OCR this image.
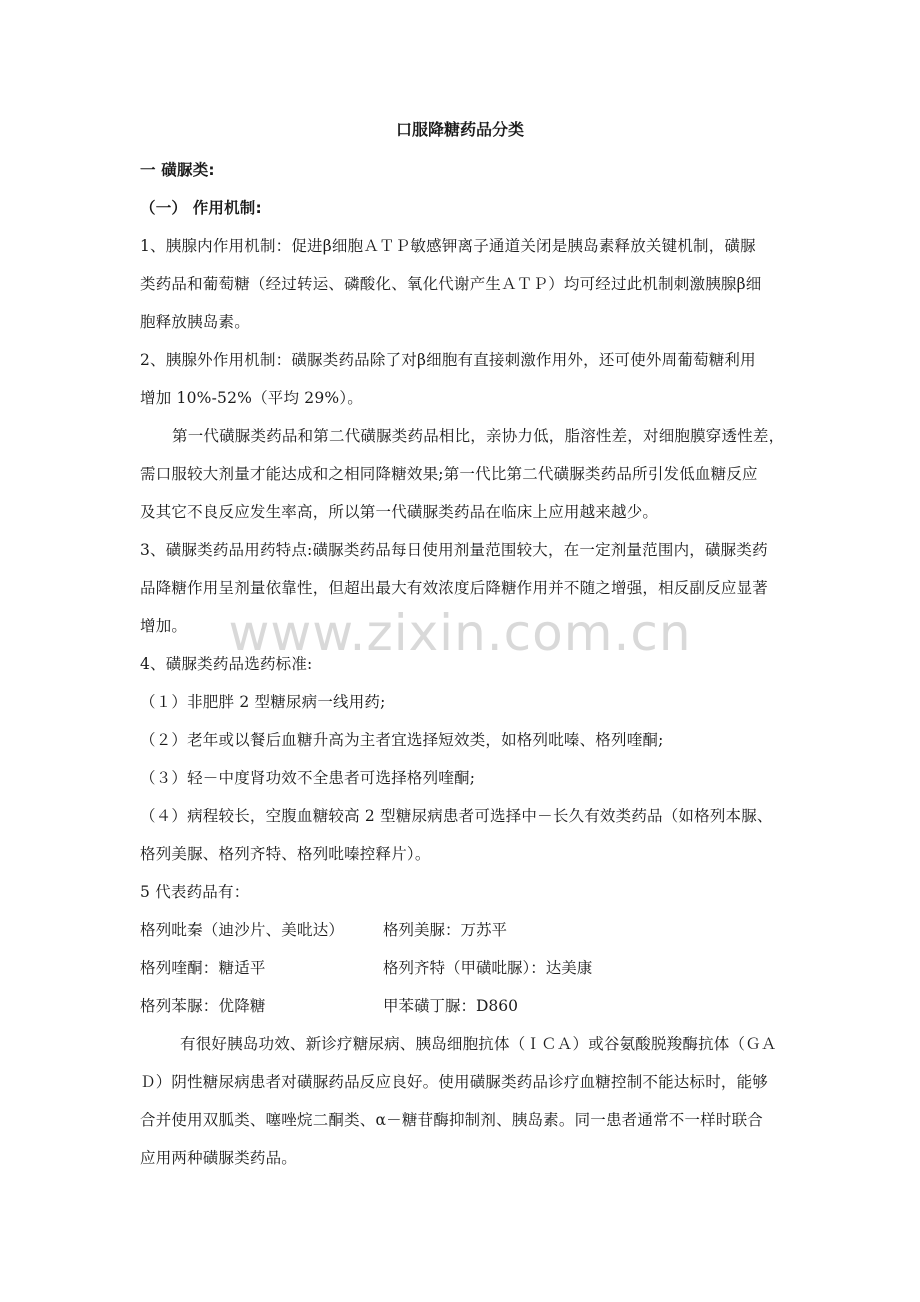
口服降糖药品分类
一 磺脲类:
（一） 作用机制:
1、胰腺内作用机制：促进β细胞ＡＴＰ敏感钾离子通道关闭是胰岛素释放关键机制，磺脲
类药品和葡萄糖（经过转运、磷酸化、氧化代谢产生ＡＴＰ）均可经过此机制刺激胰腺β细
胞释放胰岛素。
2、胰腺外作用机制：磺脲类药品除了对β细胞有直接刺激作用外，还可使外周葡萄糖利用
增加 10%-52%（平均 29%）。
第一代磺脲类药品和第二代磺脲类药品相比，亲协力低，脂溶性差，对细胞膜穿透性差，
需口服较大剂量才能达成和之相同降糖效果;第一代比第二代磺脲类药品所引发低血糖反应
及其它不良反应发生率高，所以第一代磺脲类药品在临床上应用越来越少。
3、磺脲类药品用药特点:磺脲类药品每日使用剂量范围较大，在一定剂量范围内，磺脲类药
品降糖作用呈剂量依靠性，但超出最大有效浓度后降糖作用并不随之增强，相反副反应显著
增加。
4、磺脲类药品选药标准:
（１）非肥胖 2 型糖尿病一线用药;
（２）老年或以餐后血糖升高为主者宜选择短效类，如格列吡嗪、格列喹酮;
（３）轻－中度肾功效不全患者可选择格列喹酮;
（４）病程较长，空腹血糖较高 2 型糖尿病患者可选择中－长久有效类药品（如格列本脲、
格列美脲、格列齐特、格列吡嗪控释片）。
5 代表药品有：
格列吡秦（迪沙片、美吡达）	格列美脲：万苏平
格列喹酮：糖适平	格列齐特（甲磺吡脲）：达美康
格列苯脲：优降糖	甲苯磺丁脲：D860
有很好胰岛功效、新诊疗糖尿病、胰岛细胞抗体（ＩＣＡ）或谷氨酸脱羧酶抗体（ＧＡ
Ｄ）阴性糖尿病患者对磺脲药品反应良好。使用磺脲类药品诊疗血糖控制不能达标时，能够
合并使用双胍类、噻唑烷二酮类、α－糖苷酶抑制剂、胰岛素。同一患者通常不一样时联合
应用两种磺脲类药品。
www.zixin.com.cn
